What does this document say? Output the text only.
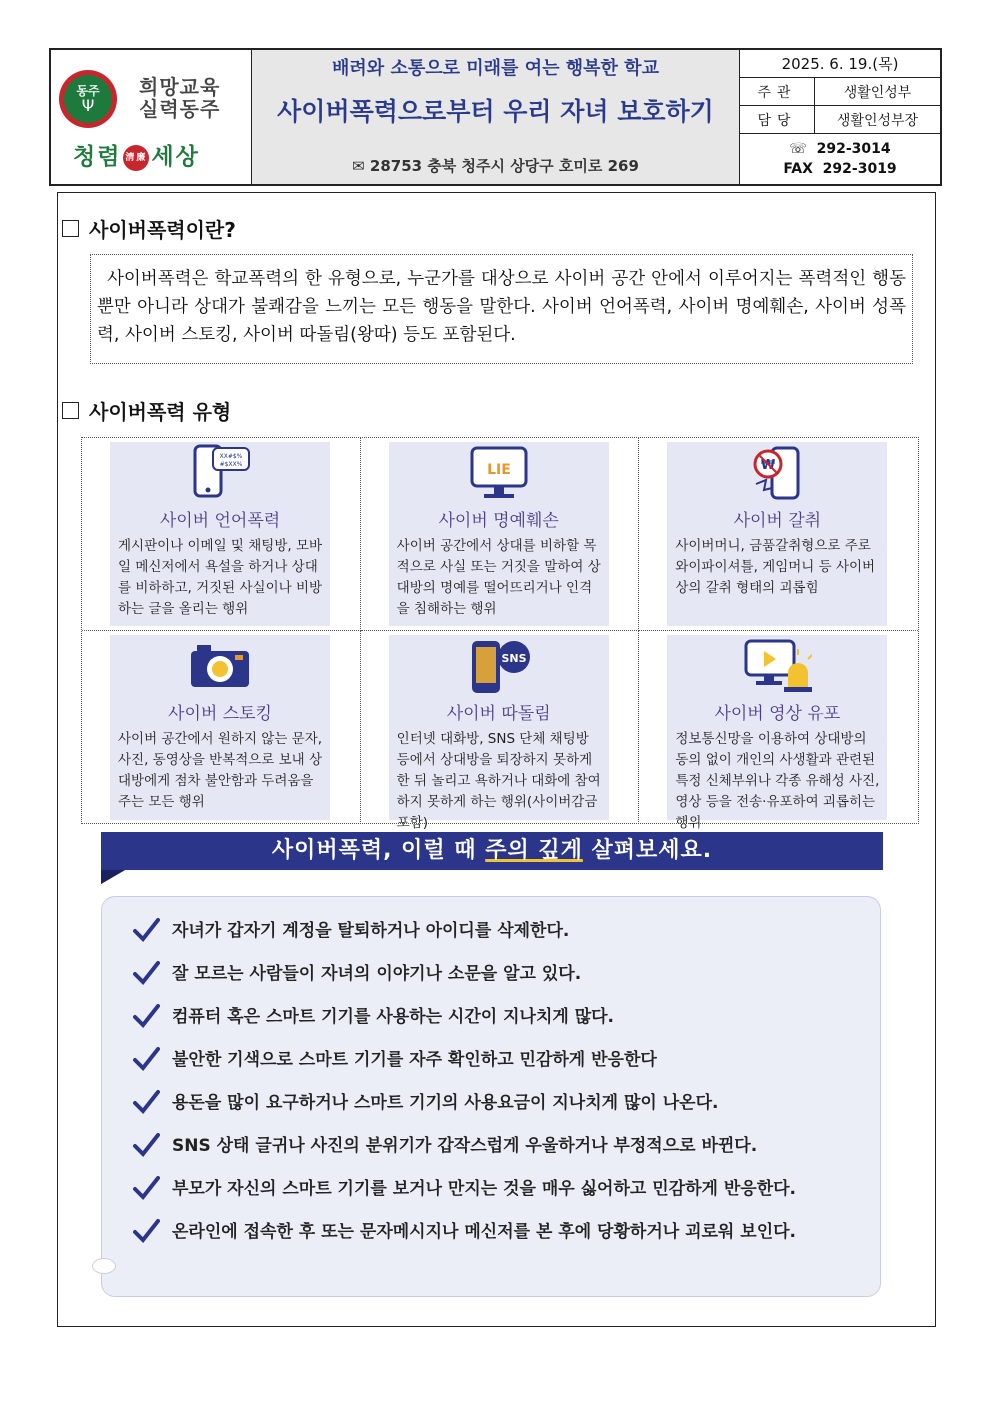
동주
Ψ
희망교육
실력동주
청렴 淸廉 세상
배려와 소통으로 미래를 여는 행복한 학교
사이버폭력으로부터 우리 자녀 보호하기
✉ 28753 충북 청주시 상당구 호미로 269
2025. 6. 19.(목)
주관	생활인성부
담당	생활인성부장
☏  292-3014
FAX 292-3019
사이버폭력이란?
사이버폭력은 학교폭력의 한 유형으로, 누군가를 대상으로 사이버 공간 안에서 이루어지는 폭력적인 행동뿐만 아니라 상대가 불쾌감을 느끼는 모든 행동을 말한다. 사이버 언어폭력, 사이버 명예훼손, 사이버 성폭력, 사이버 스토킹, 사이버 따돌림(왕따) 등도 포함된다.
사이버폭력 유형
XX#$%
#$XX%
사이버 언어폭력
게시판이나 이메일 및 채팅방, 모바일 메신저에서 욕설을 하거나 상대를 비하하고, 거짓된 사실이나 비방하는 글을 올리는 행위
LIE
사이버 명예훼손
사이버 공간에서 상대를 비하할 목적으로 사실 또는 거짓을 말하여 상대방의 명예를 떨어뜨리거나 인격을 침해하는 행위
₩
사이버 갈취
사이버머니, 금품갈취형으로 주로 와이파이셔틀, 게임머니 등 사이버상의 갈취 형태의 괴롭힘
사이버 스토킹
사이버 공간에서 원하지 않는 문자, 사진, 동영상을 반복적으로 보내 상대방에게 점차 불안함과 두려움을 주는 모든 행위
SNS
사이버 따돌림
인터넷 대화방, SNS 단체 채팅방 등에서 상대방을 퇴장하지 못하게 한 뒤 놀리고 욕하거나 대화에 참여하지 못하게 하는 행위(사이버감금 포함)
사이버 영상 유포
정보통신망을 이용하여 상대방의 동의 없이 개인의 사생활과 관련된 특정 신체부위나 각종 유해성 사진, 영상 등을 전송·유포하여 괴롭히는 행위
사이버폭력, 이럴 때 주의 깊게 살펴보세요.
자녀가 갑자기 계정을 탈퇴하거나 아이디를 삭제한다.
잘 모르는 사람들이 자녀의 이야기나 소문을 알고 있다.
컴퓨터 혹은 스마트 기기를 사용하는 시간이 지나치게 많다.
불안한 기색으로 스마트 기기를 자주 확인하고 민감하게 반응한다
용돈을 많이 요구하거나 스마트 기기의 사용요금이 지나치게 많이 나온다.
SNS 상태 글귀나 사진의 분위기가 갑작스럽게 우울하거나 부정적으로 바뀐다.
부모가 자신의 스마트 기기를 보거나 만지는 것을 매우 싫어하고 민감하게 반응한다.
온라인에 접속한 후 또는 문자메시지나 메신저를 본 후에 당황하거나 괴로워 보인다.
